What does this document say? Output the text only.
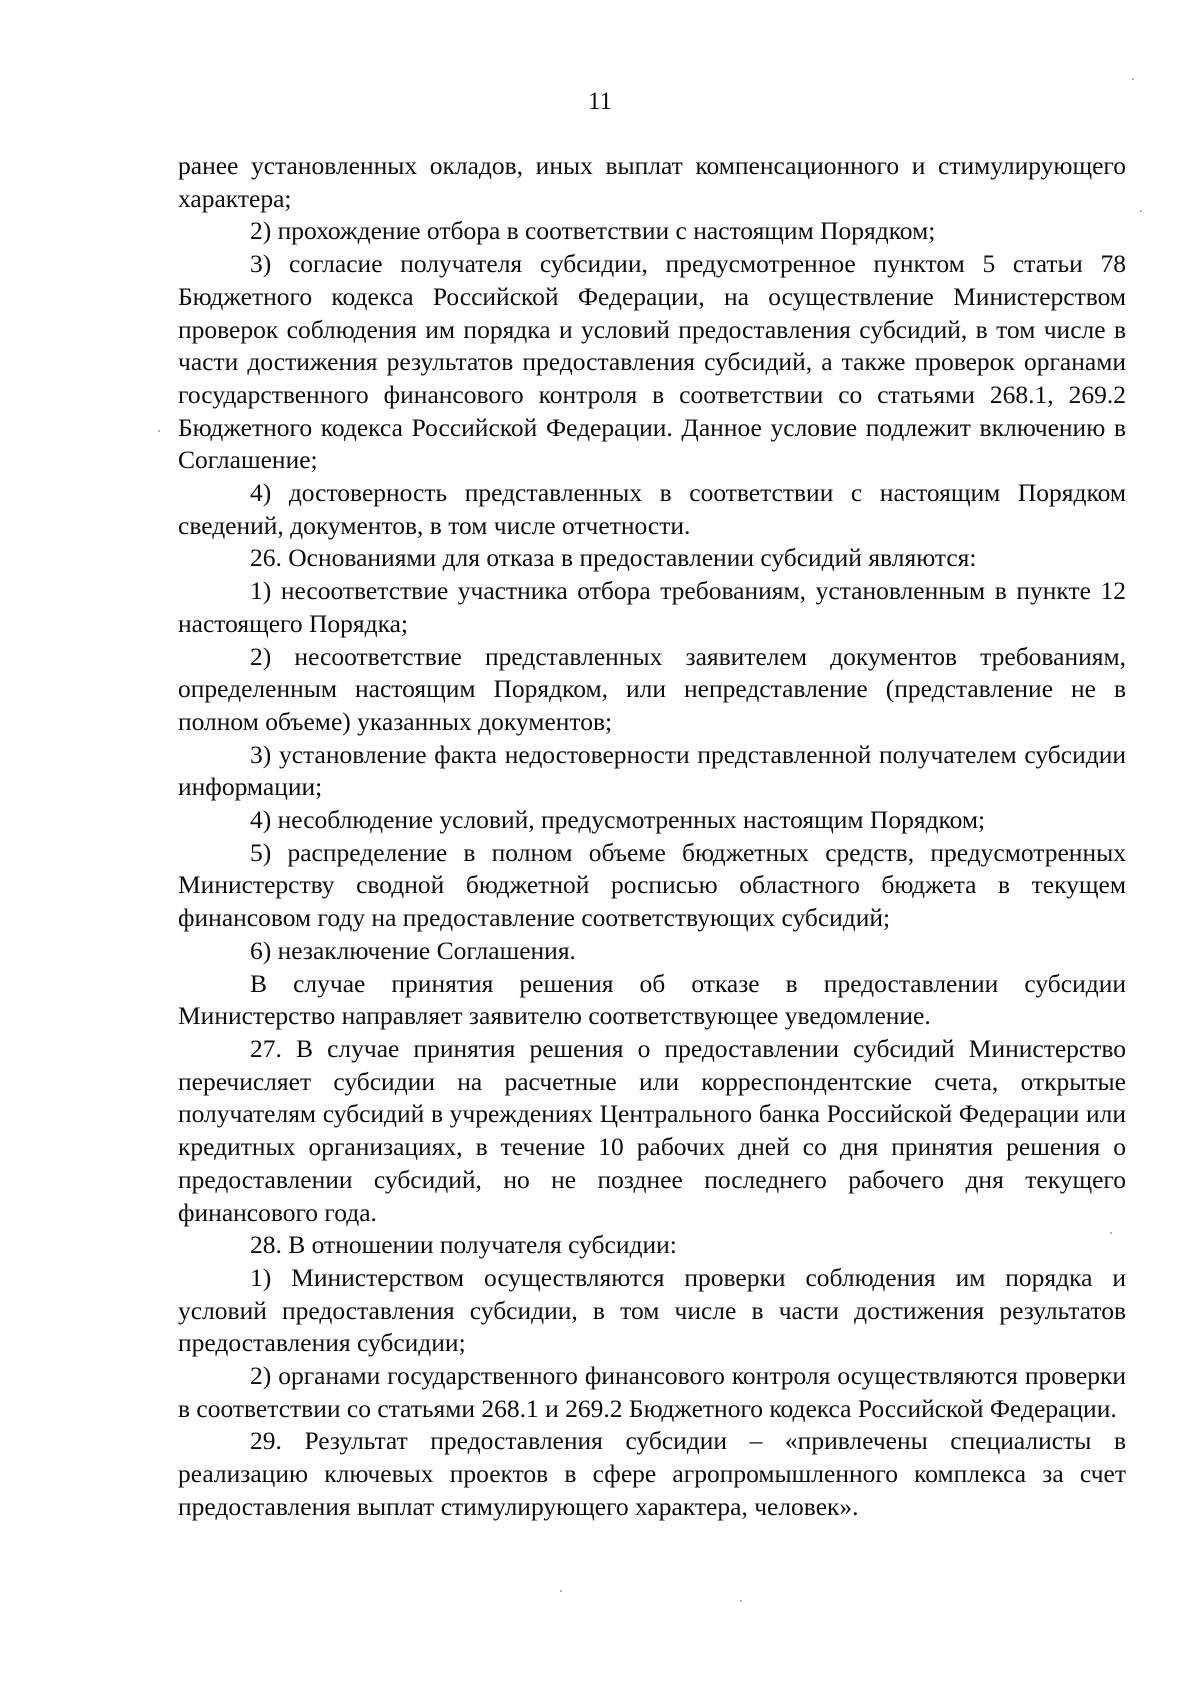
11

ранее установленных окладов, иных выплат компенсационного и стимулирующего характера;

2) прохождение отбора в соответствии с настоящим Порядком;

3) согласие получателя субсидии, предусмотренное пунктом 5 статьи 78 Бюджетного кодекса Российской Федерации, на осуществление Министерством проверок соблюдения им порядка и условий предоставления субсидий, в том числе в части достижения результатов предоставления субсидий, а также проверок органами государственного финансового контроля в соответствии со статьями 268.1, 269.2 Бюджетного кодекса Российской Федерации. Данное условие подлежит включению в Соглашение;

4) достоверность представленных в соответствии с настоящим Порядком сведений, документов, в том числе отчетности.

26. Основаниями для отказа в предоставлении субсидий являются:

1) несоответствие участника отбора требованиям, установленным в пункте 12 настоящего Порядка;

2) несоответствие представленных заявителем документов требованиям, определенным настоящим Порядком, или непредставление (представление не в полном объеме) указанных документов;

3) установление факта недостоверности представленной получателем субсидии информации;

4) несоблюдение условий, предусмотренных настоящим Порядком;

5) распределение в полном объеме бюджетных средств, предусмотренных Министерству сводной бюджетной росписью областного бюджета в текущем финансовом году на предоставление соответствующих субсидий;

6) незаключение Соглашения.

В случае принятия решения об отказе в предоставлении субсидии Министерство направляет заявителю соответствующее уведомление.

27. В случае принятия решения о предоставлении субсидий Министерство перечисляет субсидии на расчетные или корреспондентские счета, открытые получателям субсидий в учреждениях Центрального банка Российской Федерации или кредитных организациях, в течение 10 рабочих дней со дня принятия решения о предоставлении субсидий, но не позднее последнего рабочего дня текущего финансового года.

28. В отношении получателя субсидии:

1) Министерством осуществляются проверки соблюдения им порядка и условий предоставления субсидии, в том числе в части достижения результатов предоставления субсидии;

2) органами государственного финансового контроля осуществляются проверки в соответствии со статьями 268.1 и 269.2 Бюджетного кодекса Российской Федерации.

29. Результат предоставления субсидии – «привлечены специалисты в реализацию ключевых проектов в сфере агропромышленного комплекса за счет предоставления выплат стимулирующего характера, человек».
